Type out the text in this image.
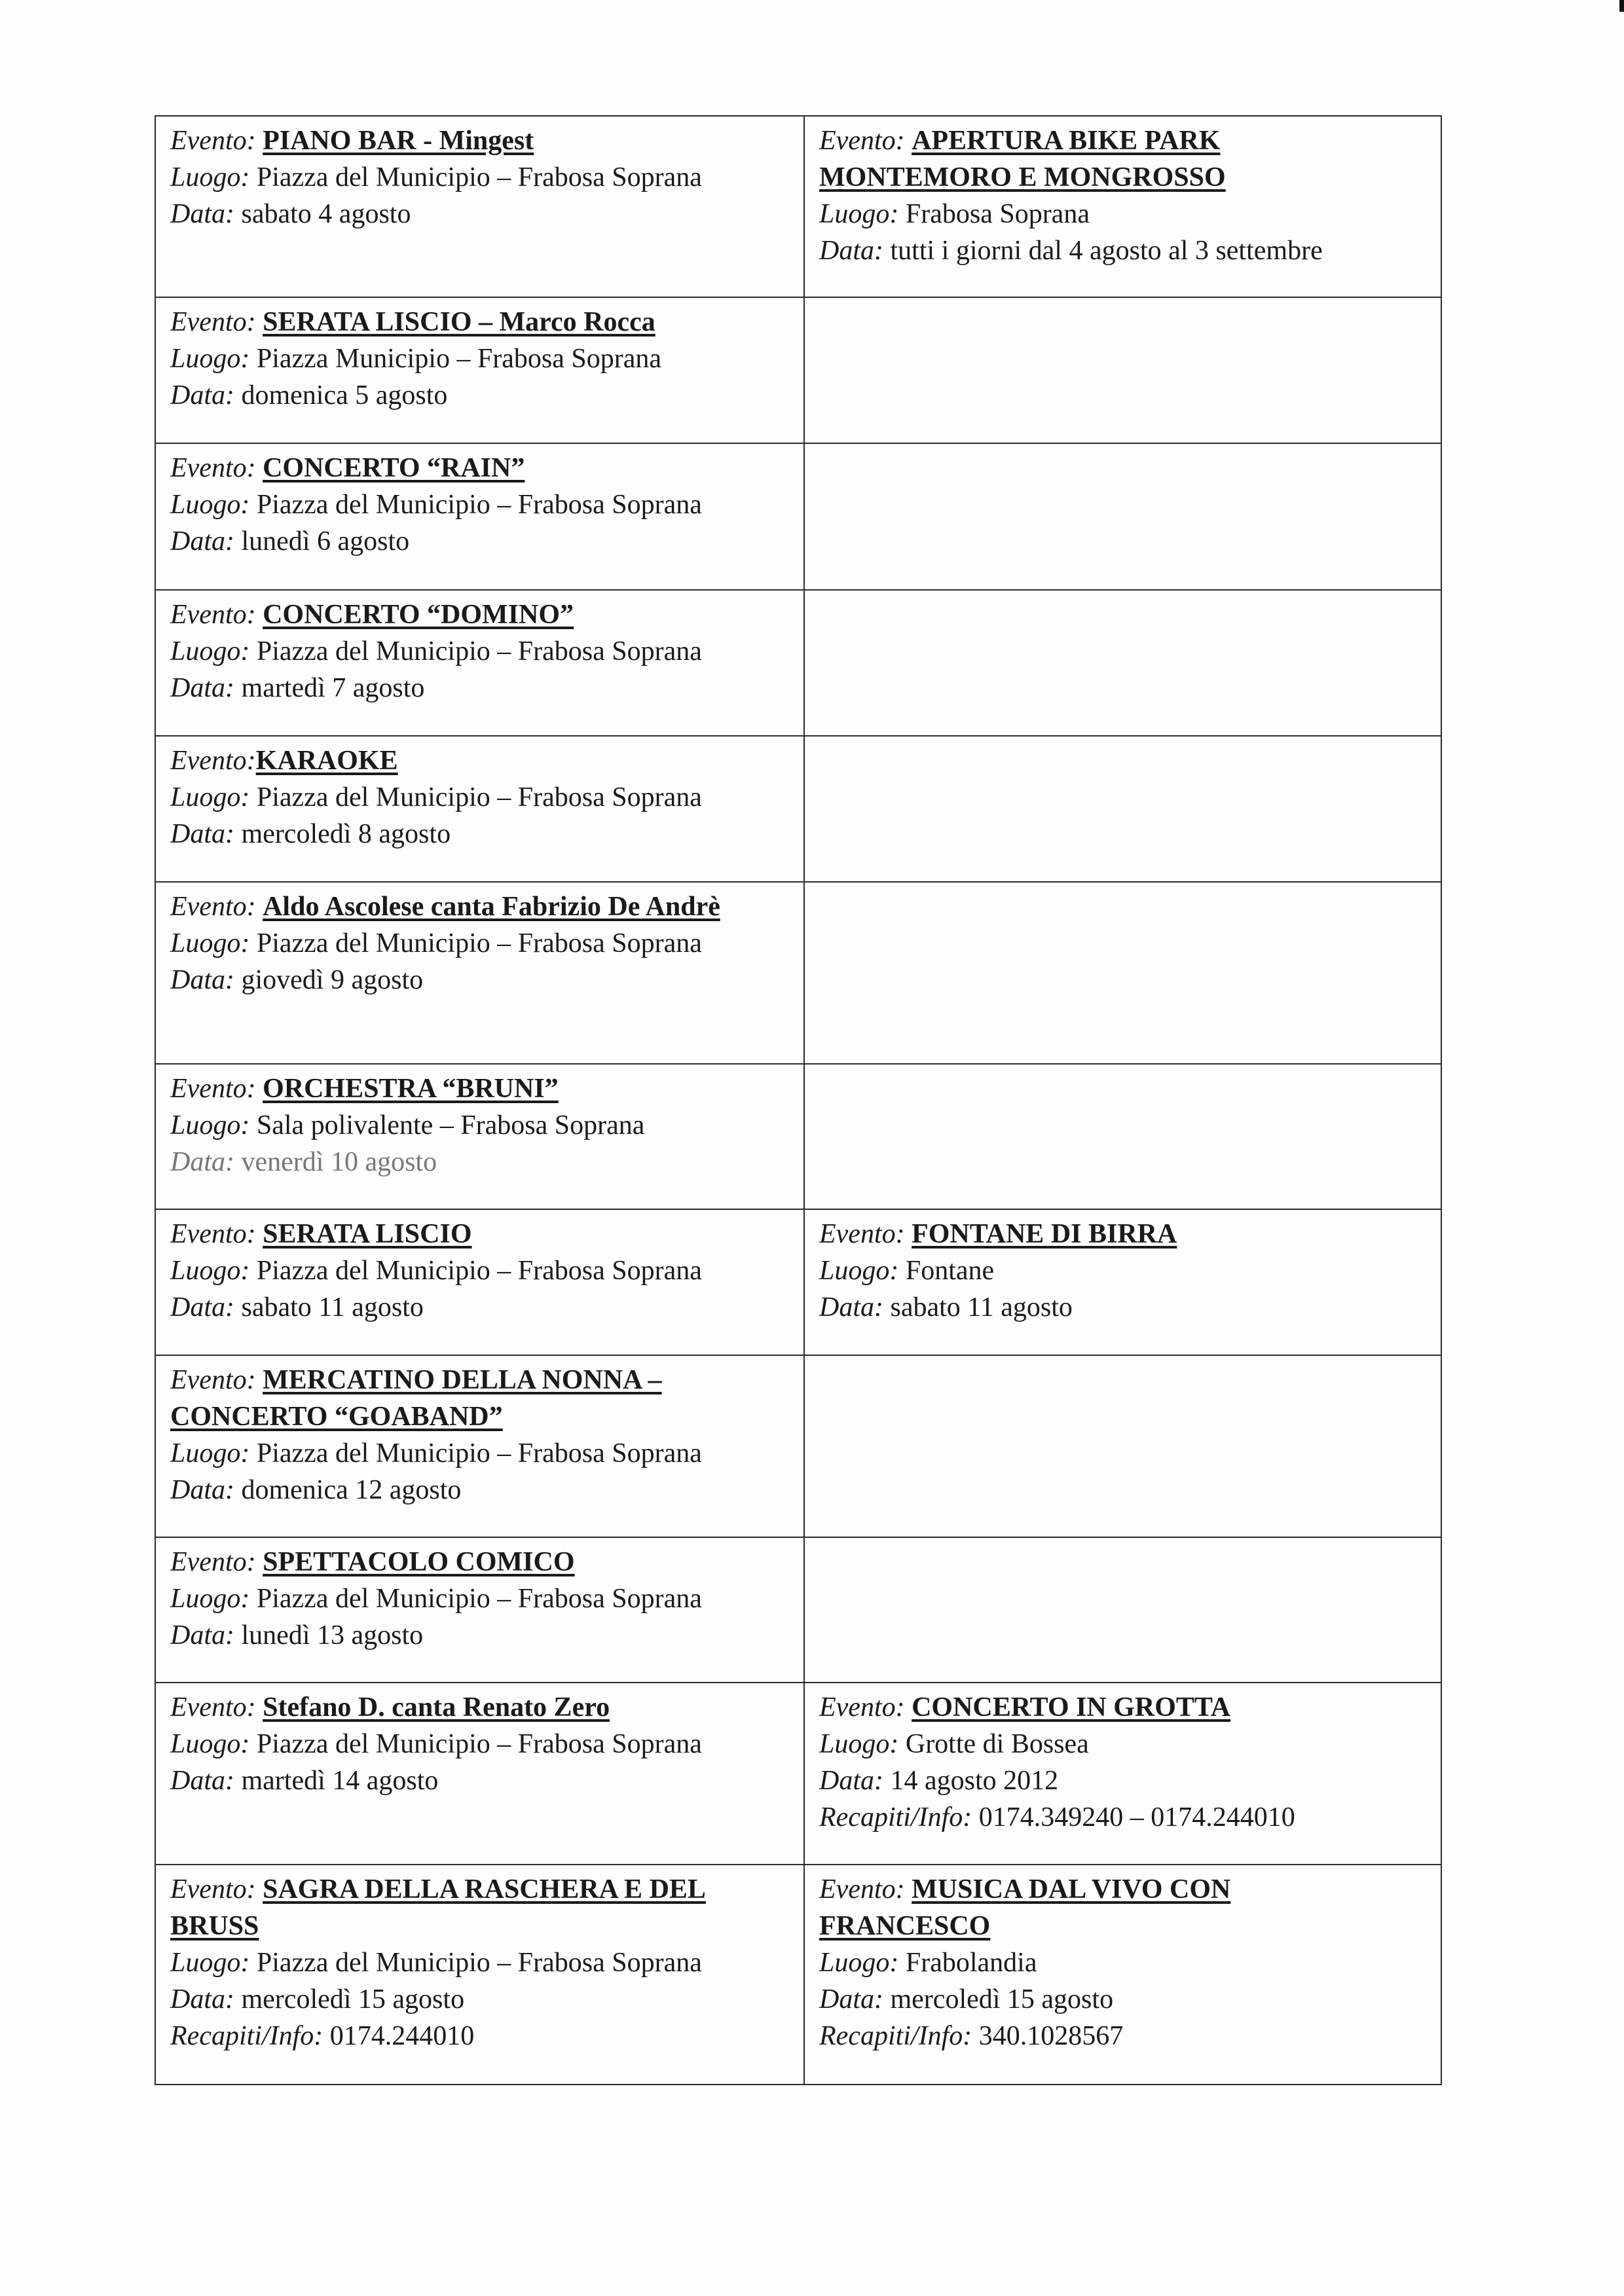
Evento: PIANO BAR - Mingest
Luogo: Piazza del Municipio – Frabosa Soprana
Data: sabato 4 agosto	Evento: APERTURA BIKE PARK MONTEMORO E MONGROSSO
Luogo: Frabosa Soprana
Data: tutti i giorni dal 4 agosto al 3 settembre

Evento: SERATA LISCIO – Marco Rocca
Luogo: Piazza Municipio – Frabosa Soprana
Data: domenica 5 agosto	

Evento: CONCERTO “RAIN”
Luogo: Piazza del Municipio – Frabosa Soprana
Data: lunedì 6 agosto	

Evento: CONCERTO “DOMINO”
Luogo: Piazza del Municipio – Frabosa Soprana
Data: martedì 7 agosto	

Evento:KARAOKE
Luogo: Piazza del Municipio – Frabosa Soprana
Data: mercoledì 8 agosto	

Evento: Aldo Ascolese canta Fabrizio De Andrè
Luogo: Piazza del Municipio – Frabosa Soprana
Data: giovedì 9 agosto	

Evento: ORCHESTRA “BRUNI”
Luogo: Sala polivalente – Frabosa Soprana
Data: venerdì 10 agosto	

Evento: SERATA LISCIO
Luogo: Piazza del Municipio – Frabosa Soprana
Data: sabato 11 agosto	Evento: FONTANE DI BIRRA
Luogo: Fontane
Data: sabato 11 agosto

Evento: MERCATINO DELLA NONNA – CONCERTO “GOABAND”
Luogo: Piazza del Municipio – Frabosa Soprana
Data: domenica 12 agosto	

Evento: SPETTACOLO COMICO
Luogo: Piazza del Municipio – Frabosa Soprana
Data: lunedì 13 agosto	

Evento: Stefano D. canta Renato Zero
Luogo: Piazza del Municipio – Frabosa Soprana
Data: martedì 14 agosto	Evento: CONCERTO IN GROTTA
Luogo: Grotte di Bossea
Data: 14 agosto 2012
Recapiti/Info: 0174.349240 – 0174.244010

Evento: SAGRA DELLA RASCHERA E DEL BRUSS
Luogo: Piazza del Municipio – Frabosa Soprana
Data: mercoledì 15 agosto
Recapiti/Info: 0174.244010	Evento: MUSICA DAL VIVO CON FRANCESCO
Luogo: Frabolandia
Data: mercoledì 15 agosto
Recapiti/Info: 340.1028567
